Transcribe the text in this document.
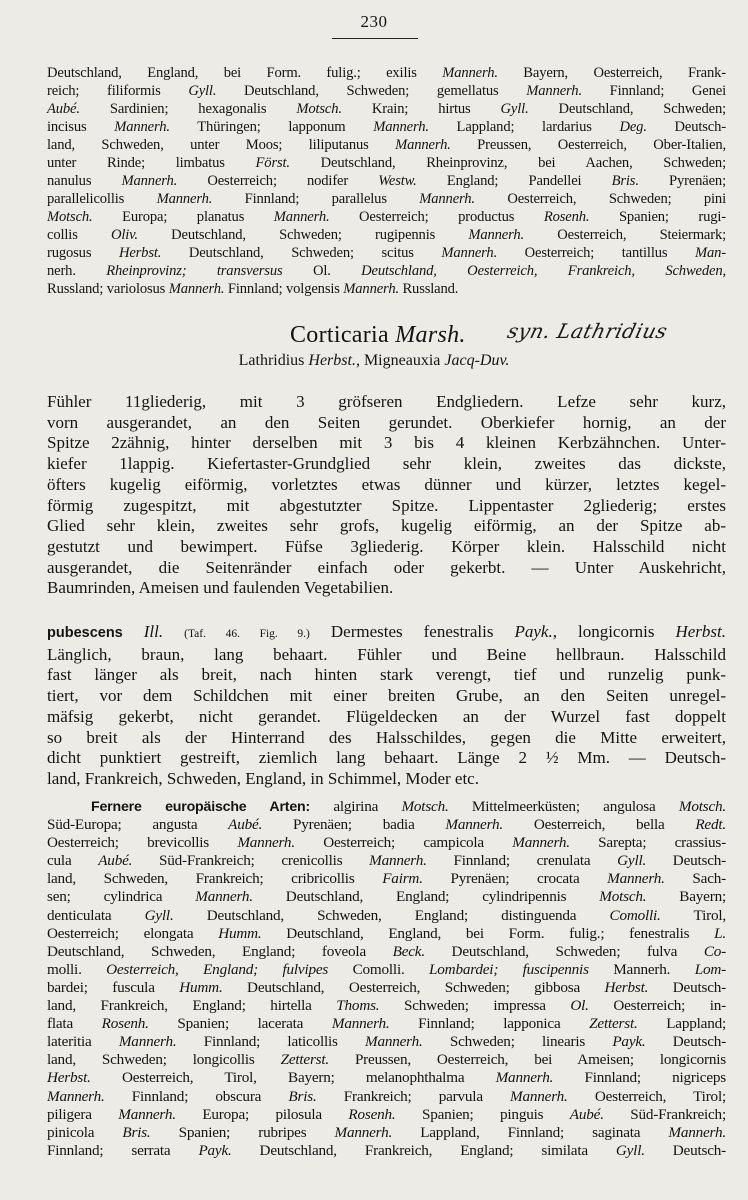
230
Deutschland, England, bei Form. fulig.; exilis Mannerh. Bayern, Oesterreich, Frank-
reich; filiformis Gyll. Deutschland, Schweden; gemellatus Mannerh. Finnland; Genei
Aubé. Sardinien; hexagonalis Motsch. Krain; hirtus Gyll. Deutschland, Schweden;
incisus Mannerh. Thüringen; lapponum Mannerh. Lappland; lardarius Deg. Deutsch-
land, Schweden, unter Moos; liliputanus Mannerh. Preussen, Oesterreich, Ober-Italien,
unter Rinde; limbatus Först. Deutschland, Rheinprovinz, bei Aachen, Schweden;
nanulus Mannerh. Oesterreich; nodifer Westw. England; Pandellei Bris. Pyrenäen;
parallelicollis Mannerh. Finnland; parallelus Mannerh. Oesterreich, Schweden; pini
Motsch. Europa; planatus Mannerh. Oesterreich; productus Rosenh. Spanien; rugi-
collis Oliv. Deutschland, Schweden; rugipennis Mannerh. Oesterreich, Steiermark;
rugosus Herbst. Deutschland, Schweden; scitus Mannerh. Oesterreich; tantillus Man-
nerh. Rheinprovinz; transversus Ol. Deutschland, Oesterreich, Frankreich, Schweden,
Russland; variolosus Mannerh. Finnland; volgensis Mannerh. Russland.
Corticaria Marsh. syn. Lathridius
Lathridius Herbst., Migneauxia Jacq-Duv.
Fühler 11gliederig, mit 3 gröfseren Endgliedern. Lefze sehr kurz,
vorn ausgerandet, an den Seiten gerundet. Oberkiefer hornig, an der
Spitze 2zähnig, hinter derselben mit 3 bis 4 kleinen Kerbzähnchen. Unter-
kiefer 1lappig. Kiefertaster-Grundglied sehr klein, zweites das dickste,
öfters kugelig eiförmig, vorletztes etwas dünner und kürzer, letztes kegel-
förmig zugespitzt, mit abgestutzter Spitze. Lippentaster 2gliederig; erstes
Glied sehr klein, zweites sehr grofs, kugelig eiförmig, an der Spitze ab-
gestutzt und bewimpert. Füfse 3gliederig. Körper klein. Halsschild nicht
ausgerandet, die Seitenränder einfach oder gekerbt. — Unter Auskehricht,
Baumrinden, Ameisen und faulenden Vegetabilien.
pubescens Ill. (Taf. 46. Fig. 9.) Dermestes fenestralis Payk., longicornis Herbst.
Länglich, braun, lang behaart. Fühler und Beine hellbraun. Halsschild
fast länger als breit, nach hinten stark verengt, tief und runzelig punk-
tiert, vor dem Schildchen mit einer breiten Grube, an den Seiten unregel-
mäfsig gekerbt, nicht gerandet. Flügeldecken an der Wurzel fast doppelt
so breit als der Hinterrand des Halsschildes, gegen die Mitte erweitert,
dicht punktiert gestreift, ziemlich lang behaart. Länge 2 ½ Mm. — Deutsch-
land, Frankreich, Schweden, England, in Schimmel, Moder etc.
Fernere europäische Arten: algirina Motsch. Mittelmeerküsten; angulosa Motsch.
Süd-Europa; angusta Aubé. Pyrenäen; badia Mannerh. Oesterreich, bella Redt.
Oesterreich; brevicollis Mannerh. Oesterreich; campicola Mannerh. Sarepta; crassius-
cula Aubé. Süd-Frankreich; crenicollis Mannerh. Finnland; crenulata Gyll. Deutsch-
land, Schweden, Frankreich; cribricollis Fairm. Pyrenäen; crocata Mannerh. Sach-
sen; cylindrica Mannerh. Deutschland, England; cylindripennis Motsch. Bayern;
denticulata Gyll. Deutschland, Schweden, England; distinguenda Comolli. Tirol,
Oesterreich; elongata Humm. Deutschland, England, bei Form. fulig.; fenestralis L.
Deutschland, Schweden, England; foveola Beck. Deutschland, Schweden; fulva Co-
molli. Oesterreich, England; fulvipes Comolli. Lombardei; fuscipennis Mannerh. Lom-
bardei; fuscula Humm. Deutschland, Oesterreich, Schweden; gibbosa Herbst. Deutsch-
land, Frankreich, England; hirtella Thoms. Schweden; impressa Ol. Oesterreich; in-
flata Rosenh. Spanien; lacerata Mannerh. Finnland; lapponica Zetterst. Lappland;
lateritia Mannerh. Finnland; laticollis Mannerh. Schweden; linearis Payk. Deutsch-
land, Schweden; longicollis Zetterst. Preussen, Oesterreich, bei Ameisen; longicornis
Herbst. Oesterreich, Tirol, Bayern; melanophthalma Mannerh. Finnland; nigriceps
Mannerh. Finnland; obscura Bris. Frankreich; parvula Mannerh. Oesterreich, Tirol;
piligera Mannerh. Europa; pilosula Rosenh. Spanien; pinguis Aubé. Süd-Frankreich;
pinicola Bris. Spanien; rubripes Mannerh. Lappland, Finnland; saginata Mannerh.
Finnland; serrata Payk. Deutschland, Frankreich, England; similata Gyll. Deutsch-
